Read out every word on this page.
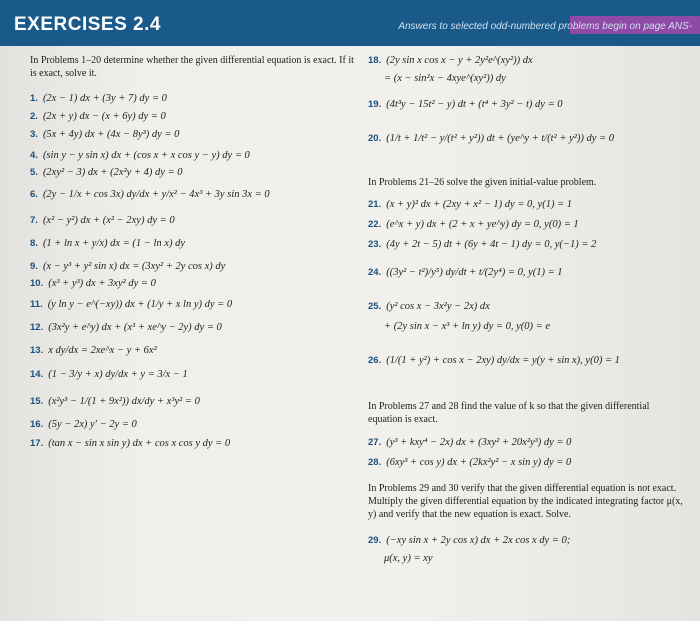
EXERCISES 2.4	Answers to selected odd-numbered problems begin on page ANS-

In Problems 1–20 determine whether the given differential equation is exact. If it is exact, solve it.

1. (2x − 1) dx + (3y + 7) dy = 0
2. (2x + y) dx − (x + 6y) dy = 0
3. (5x + 4y) dx + (4x − 8y³) dy = 0
4. (sin y − y sin x) dx + (cos x + x cos y − y) dy = 0
5. (2xy² − 3) dx + (2x²y + 4) dy = 0
6. (2y − 1/x + cos 3x) dy/dx + y/x² − 4x³ + 3y sin 3x = 0
7. (x² − y²) dx + (x² − 2xy) dy = 0
8. (1 + ln x + y/x) dx = (1 − ln x) dy
9. (x − y³ + y² sin x) dx = (3xy² + 2y cos x) dy
10. (x³ + y³) dx + 3xy² dy = 0
11. (y ln y − e^(−xy)) dx + (1/y + x ln y) dy = 0
12. (3x²y + e^y) dx + (x³ + xe^y − 2y) dy = 0
13. x dy/dx = 2xe^x − y + 6x²
14. (1 − 3/y + x) dy/dx + y = 3/x − 1
15. (x²y³ − 1/(1 + 9x²)) dx/dy + x³y² = 0
16. (5y − 2x) y′ − 2y = 0
17. (tan x − sin x sin y) dx + cos x cos y dy = 0
18. (2y sin x cos x − y + 2y²e^(xy²)) dx
= (x − sin²x − 4xye^(xy²)) dy
19. (4t³y − 15t² − y) dt + (t⁴ + 3y² − t) dy = 0
20. (1/t + 1/t² − y/(t² + y²)) dt + (ye^y + t/(t² + y²)) dy = 0
In Problems 21–26 solve the given initial-value problem.
21. (x + y)² dx + (2xy + x² − 1) dy = 0, y(1) = 1
22. (e^x + y) dx + (2 + x + ye^y) dy = 0, y(0) = 1
23. (4y + 2t − 5) dt + (6y + 4t − 1) dy = 0, y(−1) = 2
24. ((3y² − t²)/y⁵) dy/dt + t/(2y⁴) = 0, y(1) = 1
25. (y² cos x − 3x²y − 2x) dx
+ (2y sin x − x³ + ln y) dy = 0, y(0) = e
26. (1/(1 + y²) + cos x − 2xy) dy/dx = y(y + sin x), y(0) = 1
In Problems 27 and 28 find the value of k so that the given differential equation is exact.
27. (y³ + kxy⁴ − 2x) dx + (3xy² + 20x²y³) dy = 0
28. (6xy³ + cos y) dx + (2kx²y² − x sin y) dy = 0
In Problems 29 and 30 verify that the given differential equation is not exact. Multiply the given differential equation by the indicated integrating factor μ(x, y) and verify that the new equation is exact. Solve.
29. (−xy sin x + 2y cos x) dx + 2x cos x dy = 0;
μ(x, y) = xy
